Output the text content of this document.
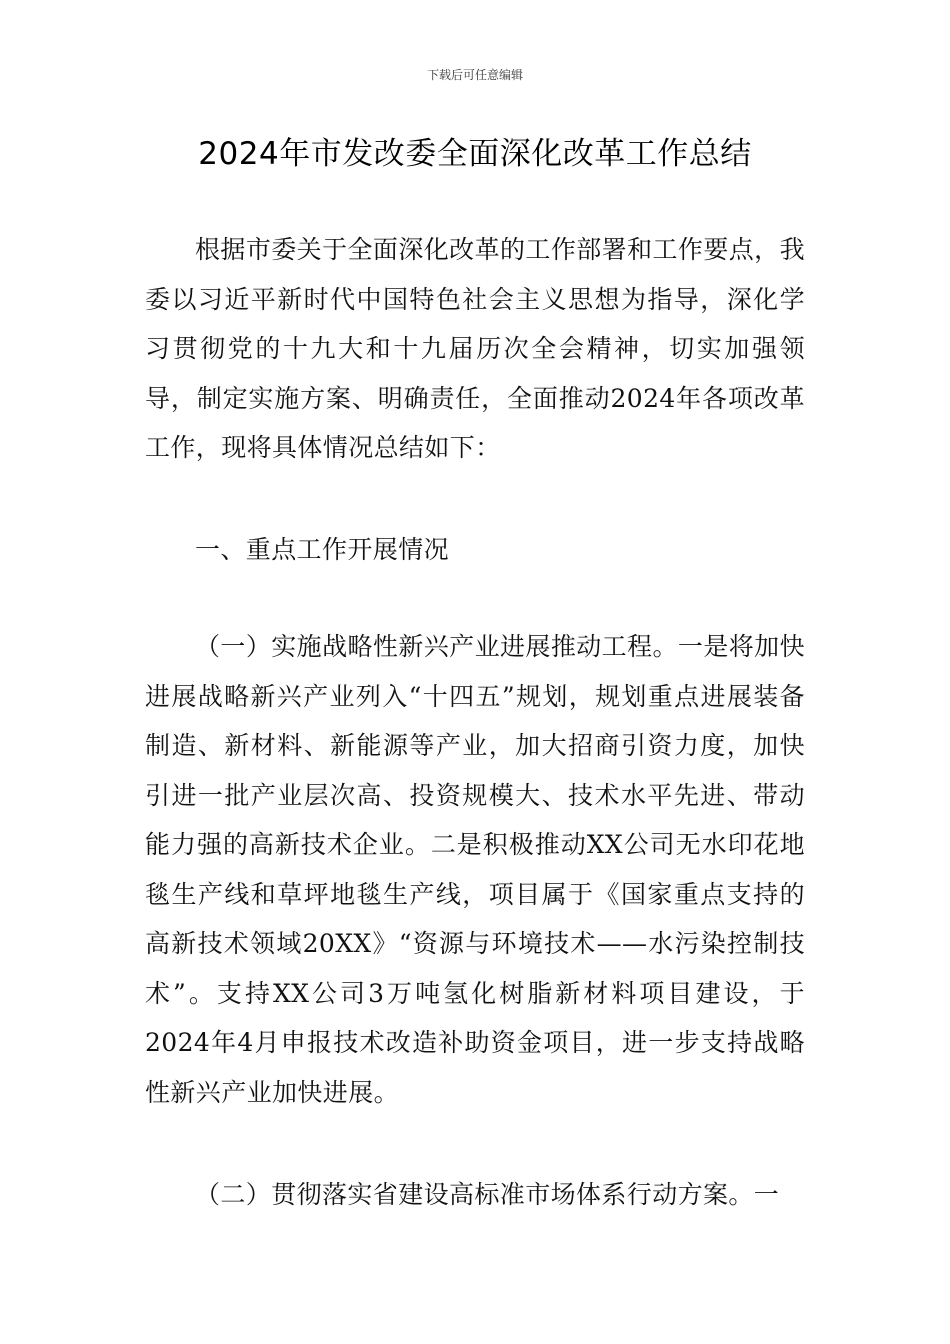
下载后可任意编辑
2024年市发改委全面深化改革工作总结

根据市委关于全面深化改革的工作部署和工作要点，我委以习近平新时代中国特色社会主义思想为指导，深化学习贯彻党的十九大和十九届历次全会精神，切实加强领导，制定实施方案、明确责任，全面推动2024年各项改革工作，现将具体情况总结如下：

一、重点工作开展情况

（一）实施战略性新兴产业进展推动工程。一是将加快进展战略新兴产业列入“十四五”规划，规划重点进展装备制造、新材料、新能源等产业，加大招商引资力度，加快引进一批产业层次高、投资规模大、技术水平先进、带动能力强的高新技术企业。二是积极推动XX公司无水印花地毯生产线和草坪地毯生产线，项目属于《国家重点支持的高新技术领域20XX》“资源与环境技术——水污染控制技术”。支持XX公司3万吨氢化树脂新材料项目建设，于2024年4月申报技术改造补助资金项目，进一步支持战略性新兴产业加快进展。

（二）贯彻落实省建设高标准市场体系行动方案。一
